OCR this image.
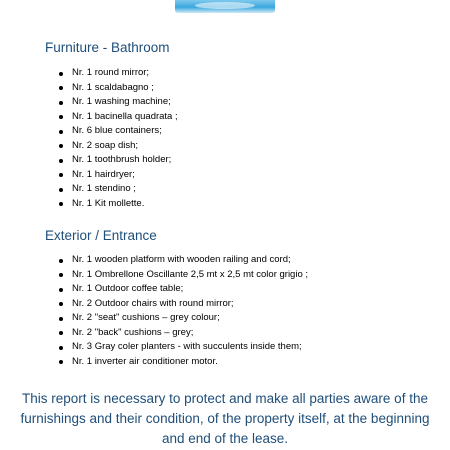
Furniture - Bathroom
Nr. 1 round mirror;
Nr. 1 scaldabagno ;
Nr. 1 washing machine;
Nr. 1 bacinella quadrata ;
Nr. 6 blue containers;
Nr. 2 soap dish;
Nr. 1 toothbrush holder;
Nr. 1 hairdryer;
Nr. 1 stendino ;
Nr. 1 Kit mollette.
Exterior / Entrance
Nr. 1 wooden platform with wooden railing and cord;
Nr. 1 Ombrellone Oscillante 2,5 mt x 2,5 mt color grigio ;
Nr. 1 Outdoor coffee table;
Nr. 2 Outdoor chairs with round mirror;
Nr. 2 "seat" cushions – grey colour;
Nr. 2 "back" cushions – grey;
Nr. 3 Gray coler planters - with succulents inside them;
Nr. 1 inverter air conditioner motor.

This report is necessary to protect and make all parties aware of the furnishings and their condition, of the property itself, at the beginning and end of the lease.
